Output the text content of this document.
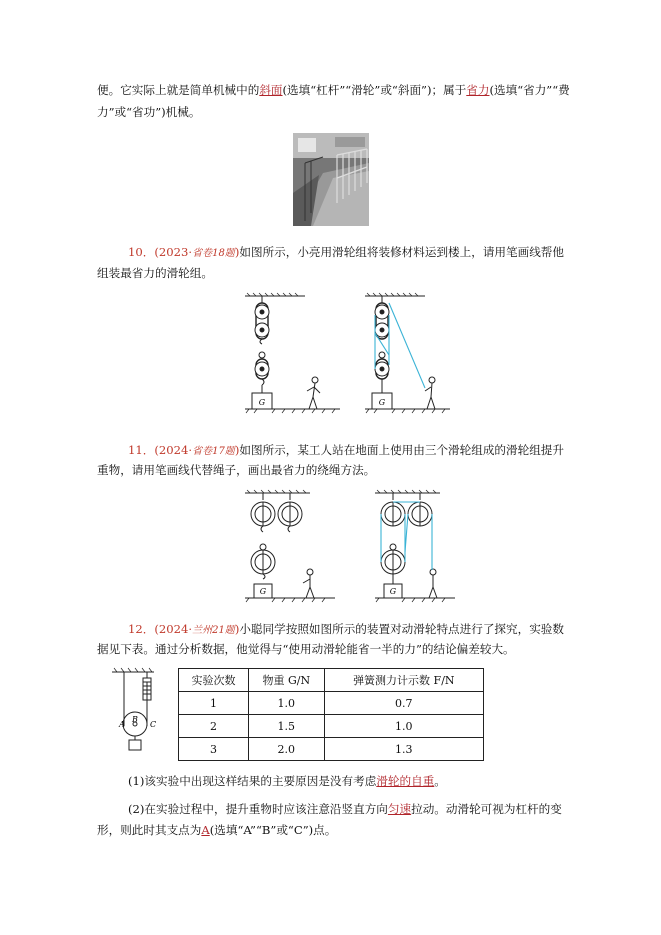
便。它实际上就是简单机械中的斜面(选填“杠杆”“滑轮”或“斜面”)；属于省力(选填“省力”“费
力”或“省功”)机械。
10．(2023·省卷18题)如图所示，小亮用滑轮组将装修材料运到楼上，请用笔画线帮他
组装最省力的滑轮组。
G	G
11．(2024·省卷17题)如图所示，某工人站在地面上使用由三个滑轮组成的滑轮组提升
重物，请用笔画线代替绳子，画出最省力的绕绳方法。
G	G
12．(2024·兰州21题)小聪同学按照如图所示的装置对动滑轮特点进行了探究，实验数
据见下表。通过分析数据，他觉得与“使用动滑轮能省一半的力”的结论偏差较大。
A
B
C
实验次数	物重 G/N	弹簧测力计示数 F/N
1	1.0	0.7
2	1.5	1.0
3	2.0	1.3
(1)该实验中出现这样结果的主要原因是没有考虑滑轮的自重。
(2)在实验过程中，提升重物时应该注意沿竖直方向匀速拉动。动滑轮可视为杠杆的变
形，则此时其支点为A(选填“A”“B”或“C”)点。
